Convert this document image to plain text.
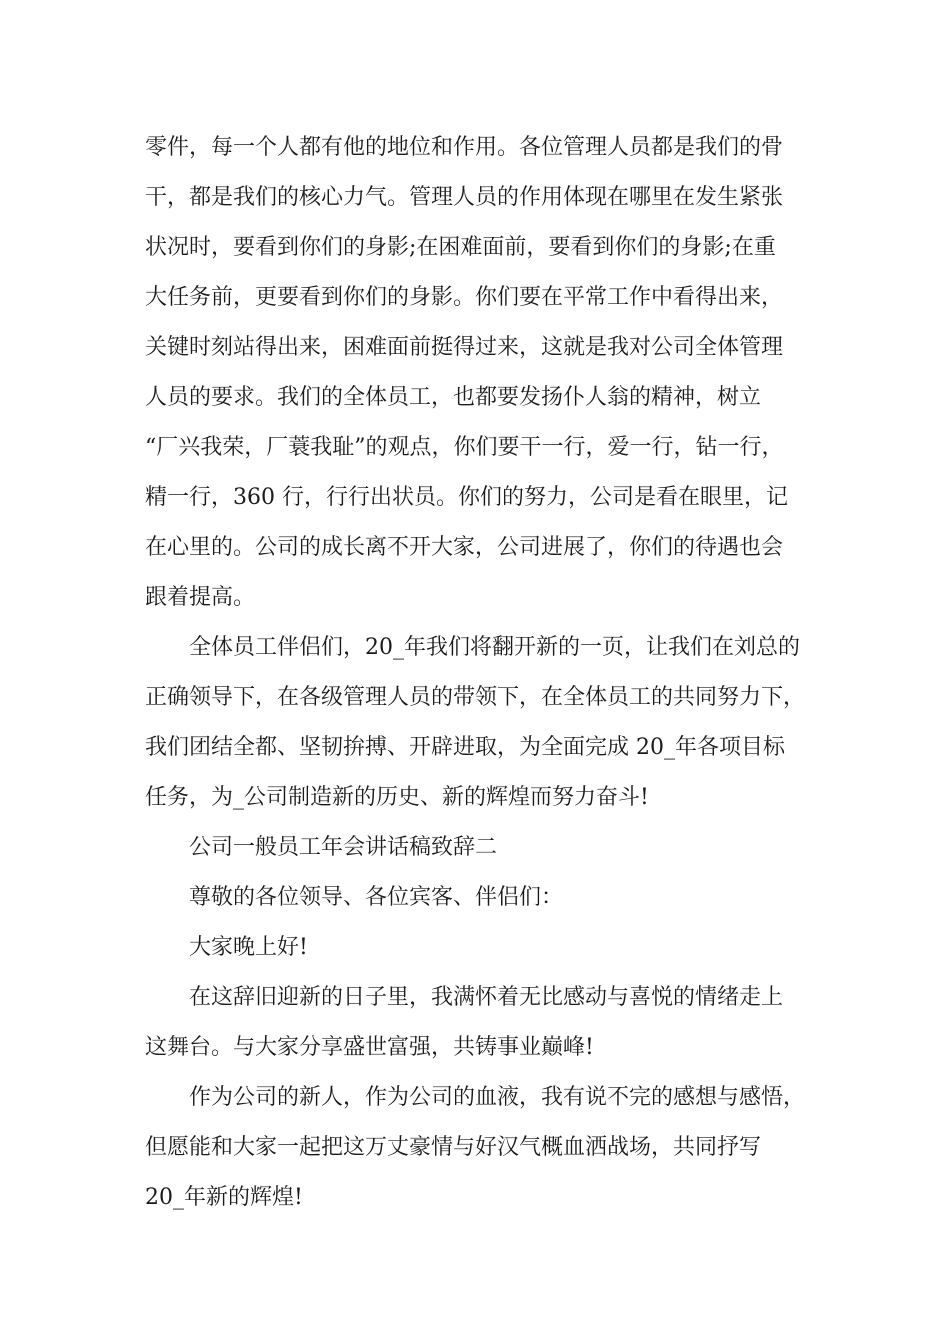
零件，每一个人都有他的地位和作用。各位管理人员都是我们的骨
干，都是我们的核心力气。管理人员的作用体现在哪里在发生紧张
状况时，要看到你们的身影;在困难面前，要看到你们的身影;在重
大任务前，更要看到你们的身影。你们要在平常工作中看得出来，
关键时刻站得出来，困难面前挺得过来，这就是我对公司全体管理
人员的要求。我们的全体员工，也都要发扬仆人翁的精神，树立
“厂兴我荣，厂蓑我耻”的观点，你们要干一行，爱一行，钻一行，
精一行，360 行，行行出状员。你们的努力，公司是看在眼里，记
在心里的。公司的成长离不开大家，公司进展了，你们的待遇也会
跟着提高。
全体员工伴侣们，20_年我们将翻开新的一页，让我们在刘总的
正确领导下，在各级管理人员的带领下，在全体员工的共同努力下，
我们团结全都、坚韧拚搏、开辟进取，为全面完成 20_年各项目标
任务，为_公司制造新的历史、新的辉煌而努力奋斗!
公司一般员工年会讲话稿致辞二
尊敬的各位领导、各位宾客、伴侣们：
大家晚上好!
在这辞旧迎新的日子里，我满怀着无比感动与喜悦的情绪走上
这舞台。与大家分享盛世富强，共铸事业巅峰!
作为公司的新人，作为公司的血液，我有说不完的感想与感悟，
但愿能和大家一起把这万丈豪情与好汉气概血洒战场，共同抒写
20_年新的辉煌!
